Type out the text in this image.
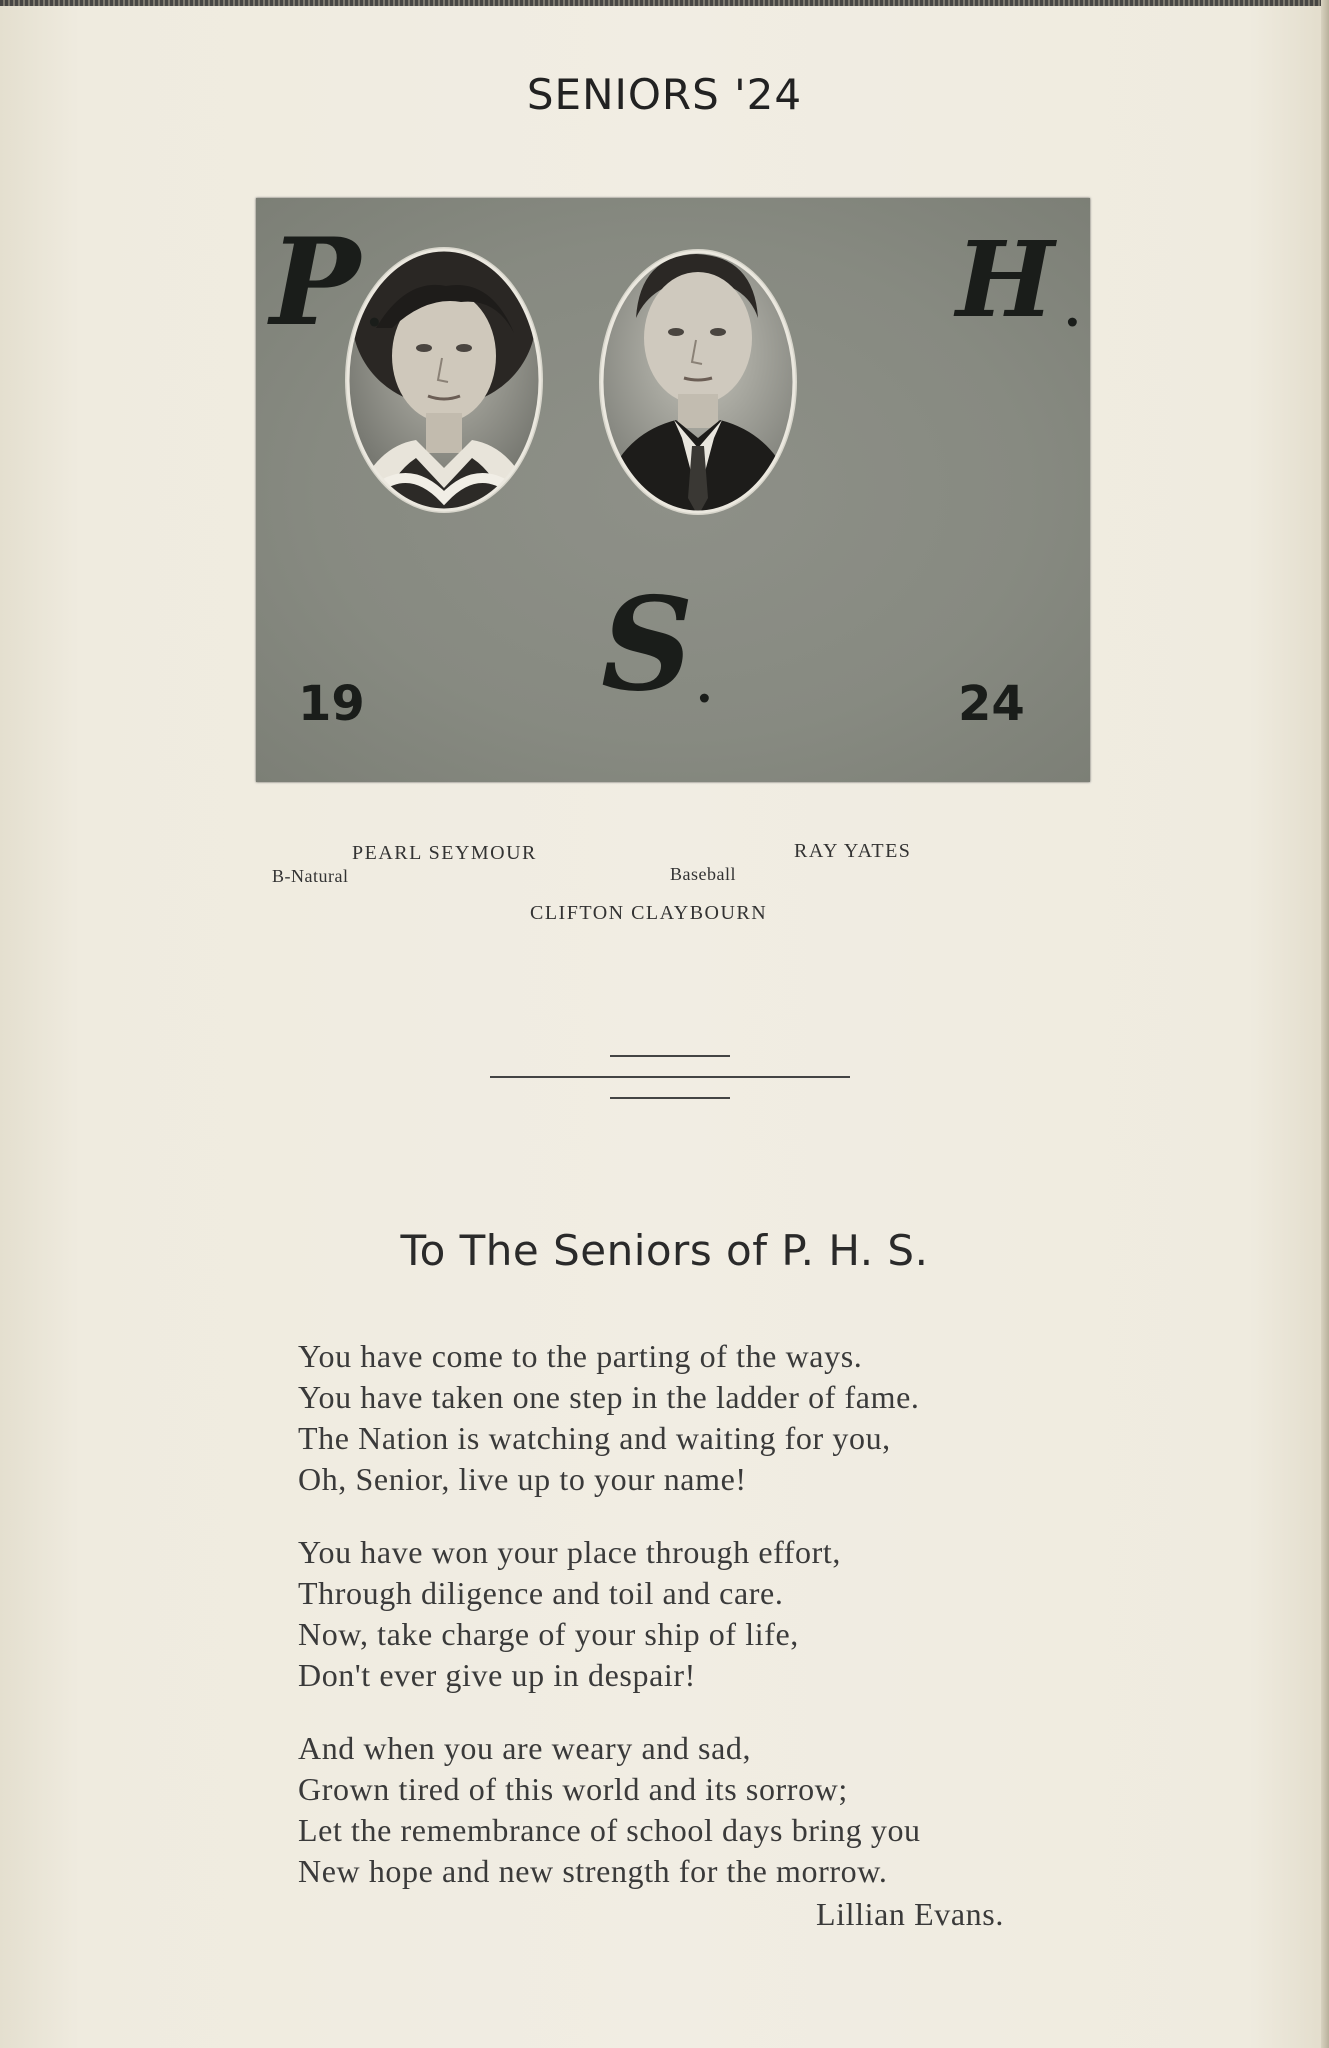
SENIORS '24
P .	H .
S .
19	24
PEARL SEYMOUR
B-Natural
RAY YATES
Baseball
CLIFTON CLAYBOURN
To The Seniors of P. H. S.
You have come to the parting of the ways.
You have taken one step in the ladder of fame.
The Nation is watching and waiting for you,
Oh, Senior, live up to your name!
You have won your place through effort,
Through diligence and toil and care.
Now, take charge of your ship of life,
Don't ever give up in despair!
And when you are weary and sad,
Grown tired of this world and its sorrow;
Let the remembrance of school days bring you
New hope and new strength for the morrow.
Lillian Evans.
